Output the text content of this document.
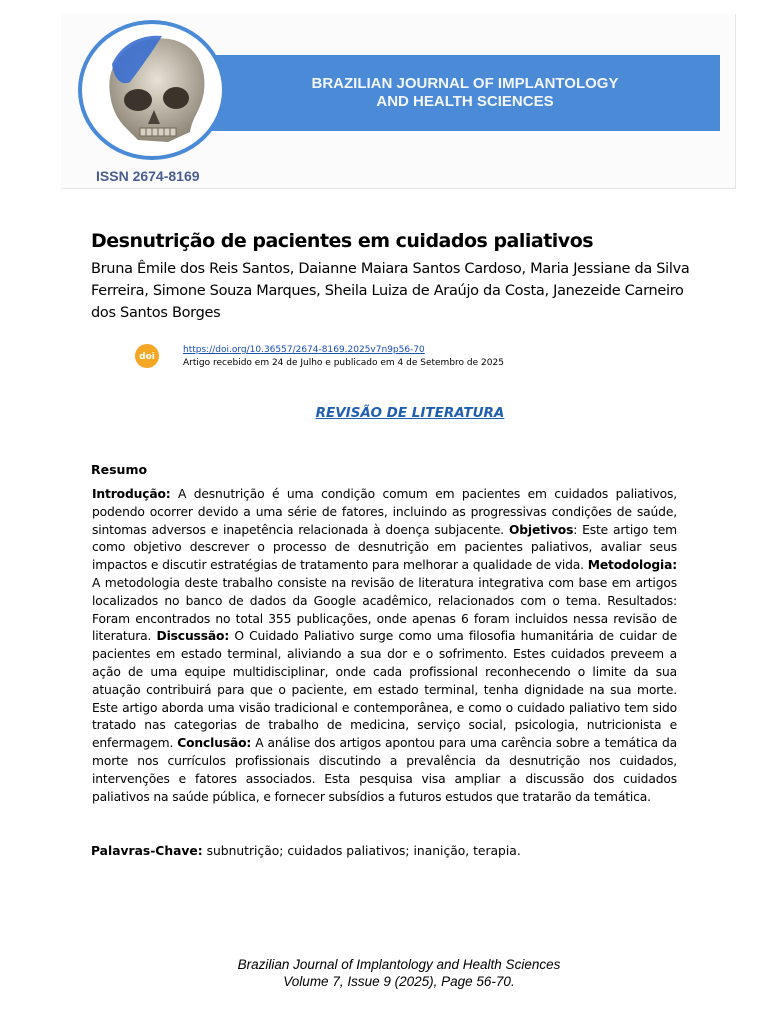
BRAZILIAN JOURNAL OF IMPLANTOLOGY
AND HEALTH SCIENCES
ISSN 2674-8169
Desnutrição de pacientes em cuidados paliativos
Bruna Êmile dos Reis Santos, Daianne Maiara Santos Cardoso, Maria Jessiane da Silva Ferreira, Simone Souza Marques, Sheila Luiza de Araújo da Costa, Janezeide Carneiro dos Santos Borges
doi
https://doi.org/10.36557/2674-8169.2025v7n9p56-70
Artigo recebido em 24 de Julho e publicado em 4 de Setembro de 2025
REVISÃO DE LITERATURA
Resumo
Introdução: A desnutrição é uma condição comum em pacientes em cuidados paliativos, podendo ocorrer devido a uma série de fatores, incluindo as progressivas condições de saúde, sintomas adversos e inapetência relacionada à doença subjacente. Objetivos: Este artigo tem como objetivo descrever o processo de desnutrição em pacientes paliativos, avaliar seus impactos e discutir estratégias de tratamento para melhorar a qualidade de vida. Metodologia: A metodologia deste trabalho consiste na revisão de literatura integrativa com base em artigos localizados no banco de dados da Google acadêmico, relacionados com o tema. Resultados: Foram encontrados no total 355 publicações, onde apenas 6 foram incluidos nessa revisão de literatura. Discussão: O Cuidado Paliativo surge como uma filosofia humanitária de cuidar de pacientes em estado terminal, aliviando a sua dor e o sofrimento. Estes cuidados preveem a ação de uma equipe multidisciplinar, onde cada profissional reconhecendo o limite da sua atuação contribuirá para que o paciente, em estado terminal, tenha dignidade na sua morte. Este artigo aborda uma visão tradicional e contemporânea, e como o cuidado paliativo tem sido tratado nas categorias de trabalho de medicina, serviço social, psicologia, nutricionista e enfermagem. Conclusão: A análise dos artigos apontou para uma carência sobre a temática da morte nos currículos profissionais discutindo a prevalência da desnutrição nos cuidados, intervenções e fatores associados. Esta pesquisa visa ampliar a discussão dos cuidados paliativos na saúde pública, e fornecer subsídios a futuros estudos que tratarão da temática.
Palavras-Chave: subnutrição; cuidados paliativos; inanição, terapia.
Brazilian Journal of Implantology and Health Sciences
Volume 7, Issue 9 (2025), Page 56-70.
